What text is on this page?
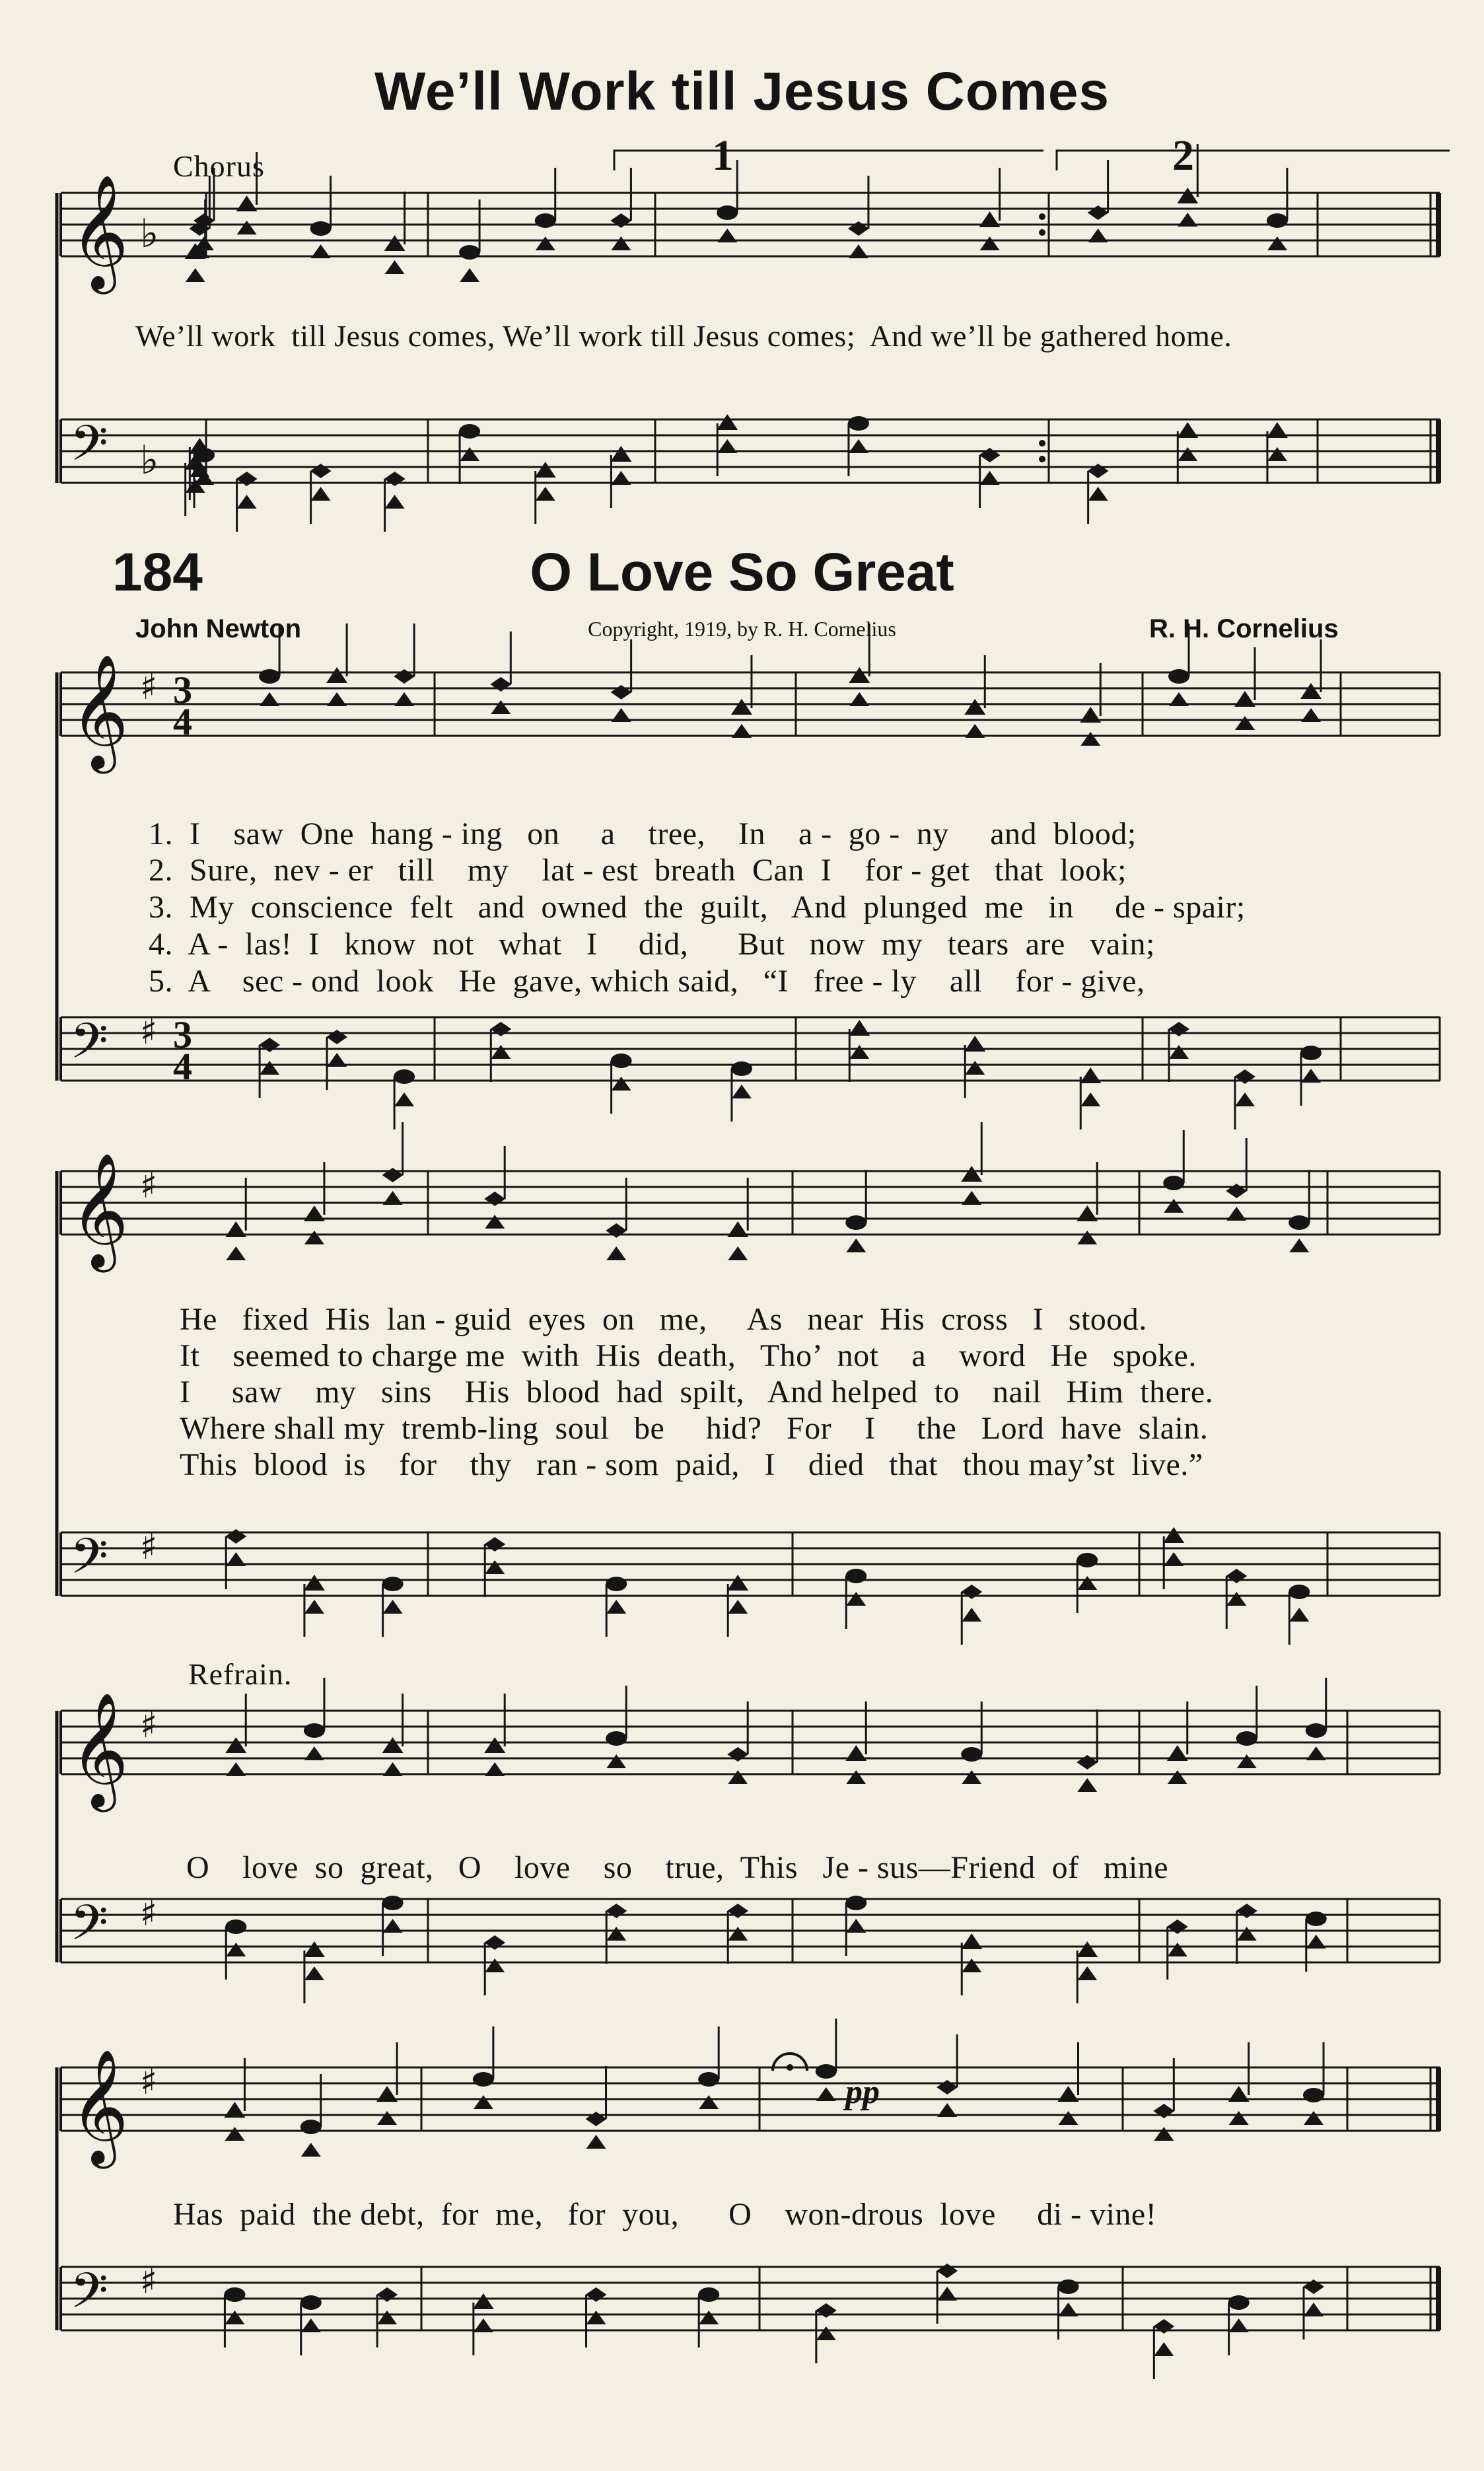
We’ll Work till Jesus Comes
Chorus	1	2
We’ll work  till Jesus comes, We’ll work till Jesus comes;  And we’ll be gathered home.
184	O Love So Great
John Newton	Copyright, 1919, by R. H. Cornelius	R. H. Cornelius
1.  I    saw  One  hang - ing   on     a    tree,    In    a -  go -  ny     and  blood;
2.  Sure,  nev - er   till    my    lat - est  breath  Can  I    for - get   that  look;
3.  My  conscience  felt   and  owned  the  guilt,   And  plunged  me   in     de - spair;
4.  A -  las!  I   know  not   what   I     did,      But   now  my   tears  are   vain;
5.  A    sec - ond  look   He  gave, which said,   “I   free - ly    all    for - give,
He   fixed  His  lan - guid  eyes  on   me,     As   near  His  cross   I   stood.
It    seemed to charge me  with  His  death,   Tho’  not    a    word   He   spoke.
I     saw    my   sins    His  blood  had  spilt,   And helped  to    nail   Him  there.
Where shall my  tremb-ling  soul   be     hid?   For    I     the   Lord  have  slain.
This  blood  is    for    thy   ran - som  paid,   I    died   that   thou may’st  live.”
Refrain.
O    love  so  great,   O    love    so    true,  This   Je - sus—Friend  of   mine
pp
Has  paid  the debt,  for  me,   for  you,      O    won-drous  love     di - vine!
𝄞 ♭
𝄢 ♭
𝄞 ♯ 3
4
𝄢 ♯ 3
4
𝄞 ♯
𝄢 ♯
𝄞 ♯
𝄢 ♯
𝄞 ♯
𝄢 ♯
